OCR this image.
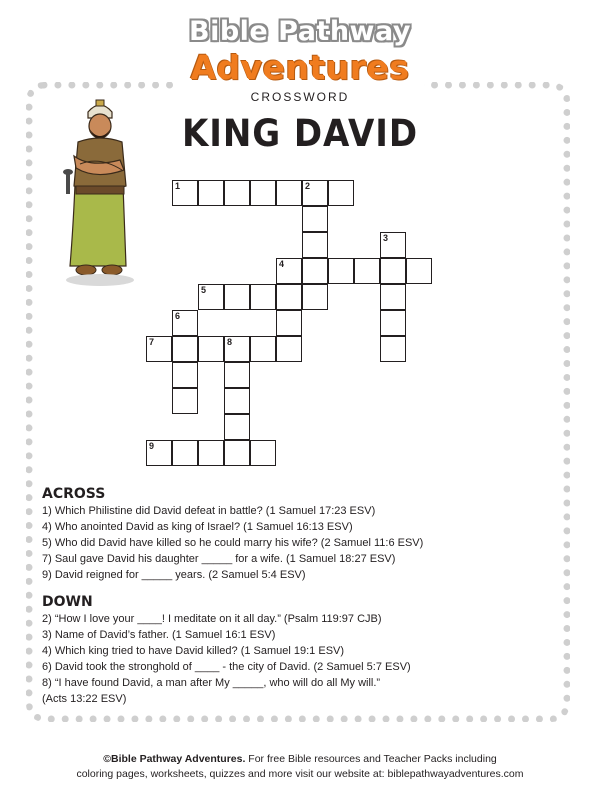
Bible Pathway
Adventures
CROSSWORD
KING DAVID
1	2
3
4
5
6
7	8
9
ACROSS
1) Which Philistine did David defeat in battle? (1 Samuel 17:23 ESV)
4) Who anointed David as king of Israel? (1 Samuel 16:13 ESV)
5) Who did David have killed so he could marry his wife? (2 Samuel 11:6 ESV)
7) Saul gave David his daughter _____ for a wife. (1 Samuel 18:27 ESV)
9) David reigned for _____ years. (2 Samuel 5:4 ESV)
DOWN
2) “How I love your ____! I meditate on it all day.” (Psalm 119:97 CJB)
3) Name of David’s father. (1 Samuel 16:1 ESV)
4) Which king tried to have David killed? (1 Samuel 19:1 ESV)
6) David took the stronghold of ____ - the city of David. (2 Samuel 5:7 ESV)
8) “I have found David, a man after My _____, who will do all My will.”
(Acts 13:22 ESV)
©Bible Pathway Adventures. For free Bible resources and Teacher Packs including
coloring pages, worksheets, quizzes and more visit our website at: biblepathwayadventures.com
